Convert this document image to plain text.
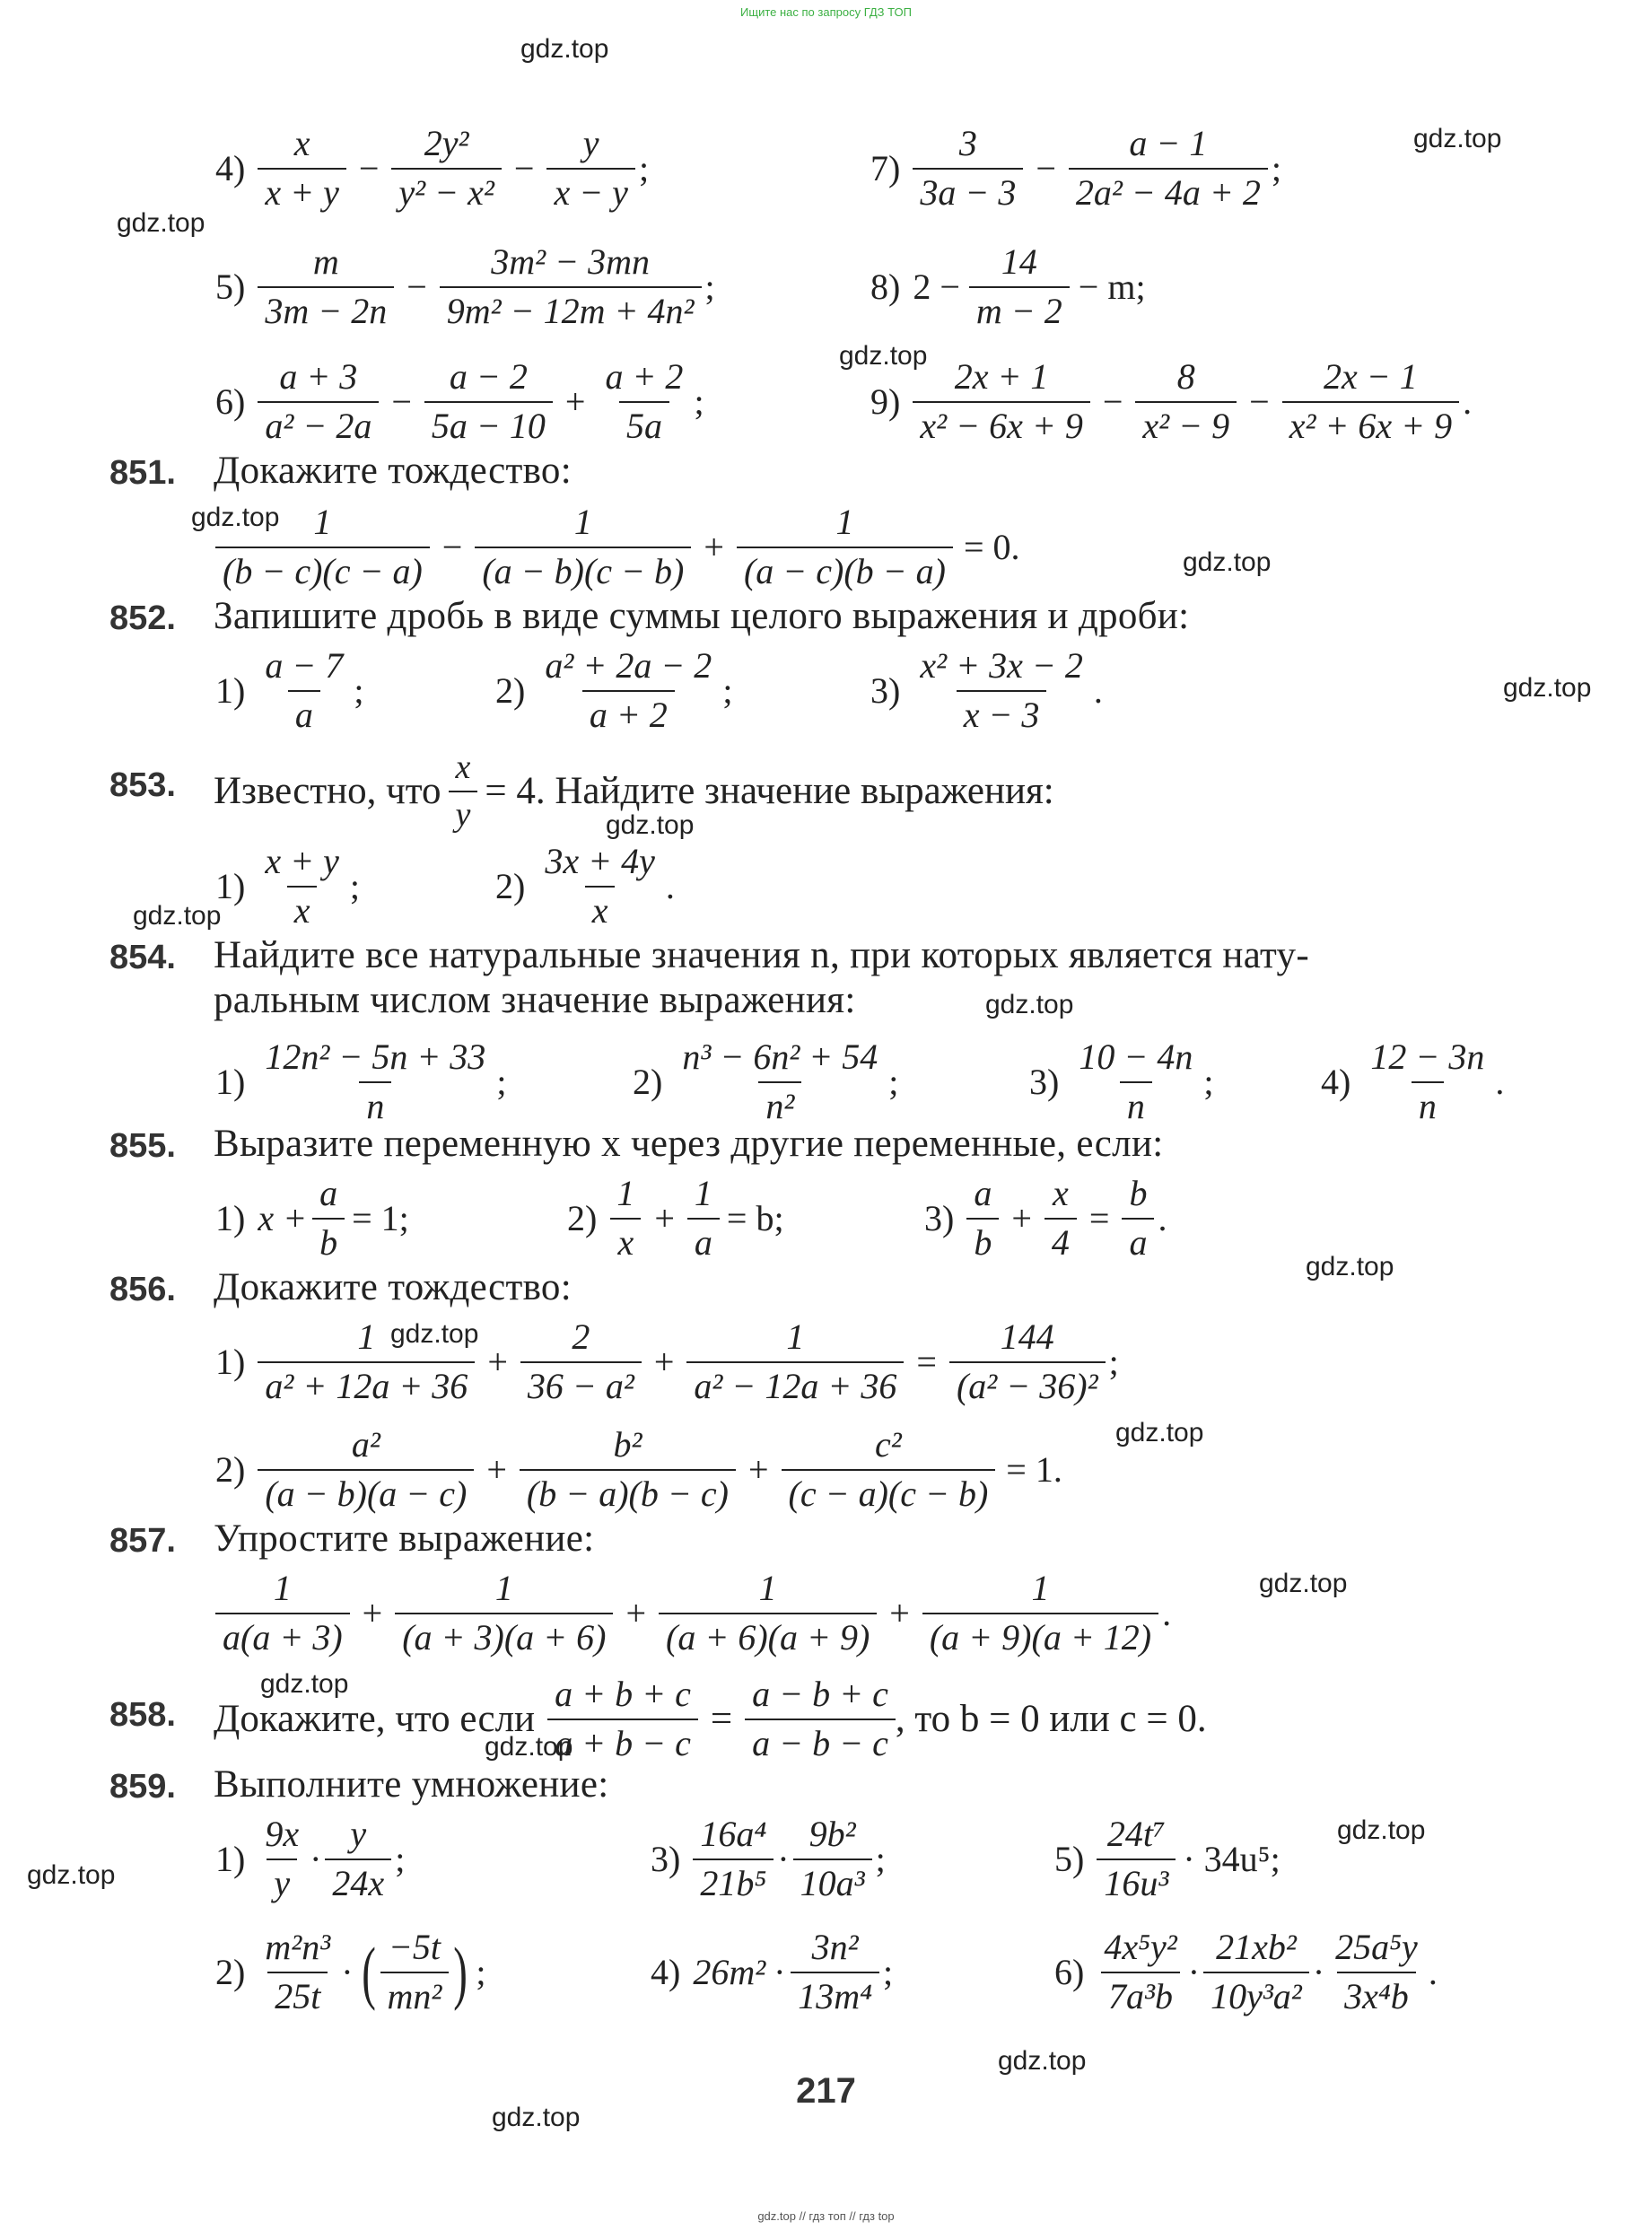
Ищите нас по запросу ГДЗ ТОП
gdz.top // гдз топ // гдз top
gdz.top
gdz.top
gdz.top
gdz.top
gdz.top
gdz.top
gdz.top
gdz.top
gdz.top
gdz.top
gdz.top
gdz.top
gdz.top
gdz.top
gdz.top
gdz.top
gdz.top
gdz.top
gdz.top
gdz.top
$4) \frac{x}{x + y} - \frac{\text{2y²}}{\text{y² − x²}} - \frac{y}{x - y}$ ;	$7) \frac{3}{3a - 3} - \frac{a - 1}{\text{2a² − 4a + 2}}$ ;
$5) \frac{m}{3m - 2n} - \frac{\text{3m² − 3mn}}{\text{9m² − 12m + 4n²}}$ ;	8) $2 - \frac{14}{m - 2} - m$;
$6) \frac{a + 3}{\text{a² − 2a}} - \frac{a - 2}{5a - 10} + \frac{a + 2}{5a}$ ;	$9) \frac{2x + 1}{\text{x² − 6x + 9}} - \frac{8}{\text{x² − 9}} - \frac{2x - 1}{\text{x² + 6x + 9}}$ .
851. Докажите тождество:
$\frac{1}{(b - c)(c - a)} - \frac{1}{(a - b)(c - b)} + \frac{1}{(a - c)(b - a)} = 0$.
852. Запишите дробь в виде суммы целого выражения и дроби:
$1) \frac{a - 7}{a}$ ;	$2) \frac{\text{a² + 2a − 2}}{a + 2}$ ;	$3) \frac{\text{x² + 3x − 2}}{x - 3}$ .
853. Известно, что $\frac{x}{y} = 4$. Найдите значение выражения:
$1) \frac{x + y}{x}$ ;	$2) \frac{3x + 4y}{x}$ .
854. Найдите все натуральные значения n, при которых является нату-
ральным числом значение выражения:
$1) \frac{\text{12n² − 5n + 33}}{n}$ ;	$2) \frac{\text{n³ − 6n² + 54}}{\text{n²}}$ ;	$3) \frac{10 - 4n}{n}$ ;	$4) \frac{12 - 3n}{n}$ .
855. Выразите переменную x через другие переменные, если:
1) $x + \frac{a}{b} = 1$;	$2) \frac{1}{x} + \frac{1}{a} = b$;	$3) \frac{a}{b} + \frac{x}{4} = \frac{b}{a}$ .
856. Докажите тождество:
$1) \frac{1}{\text{a² + 12a + 36}} + \frac{2}{\text{36 − a²}} + \frac{1}{\text{a² − 12a + 36}} = \frac{144}{\text{(a² − 36)²}}$ ;
$2) \frac{\text{a²}}{(a - b)(a - c)} + \frac{\text{b²}}{(b - a)(b - c)} + \frac{\text{c²}}{(c - a)(c - b)} = 1$.
857. Упростите выражение:
$\frac{1}{a(a + 3)} + \frac{1}{(a + 3)(a + 6)} + \frac{1}{(a + 6)(a + 9)} + \frac{1}{(a + 9)(a + 12)}$ .
858. Докажите, что если $\frac{a + b + c}{a + b - c} = \frac{a - b + c}{a - b - c}$ , то b = 0 или c = 0.
859. Выполните умножение:
$1) \frac{9x}{y} \cdot \frac{y}{24x}$ ;	$3) \frac{\text{16a⁴}}{\text{21b⁵}} \cdot \frac{\text{9b²}}{\text{10a³}}$ ;	$5) \frac{\text{24t⁷}}{\text{16u³}} \cdot 34u^5$;
$2) \frac{\text{m²n³}}{25t}$ · ( $\frac{-5t}{\text{mn²}}$ ) ;	4) $26m^2 \cdot \frac{\text{3n²}}{\text{13m⁴}}$ ;	$6) \frac{\text{4x⁵y²}}{\text{7a³b}} \cdot \frac{\text{21xb²}}{\text{10y³a²}} \cdot \frac{\text{25a⁵y}}{\text{3x⁴b}}$ .
217
